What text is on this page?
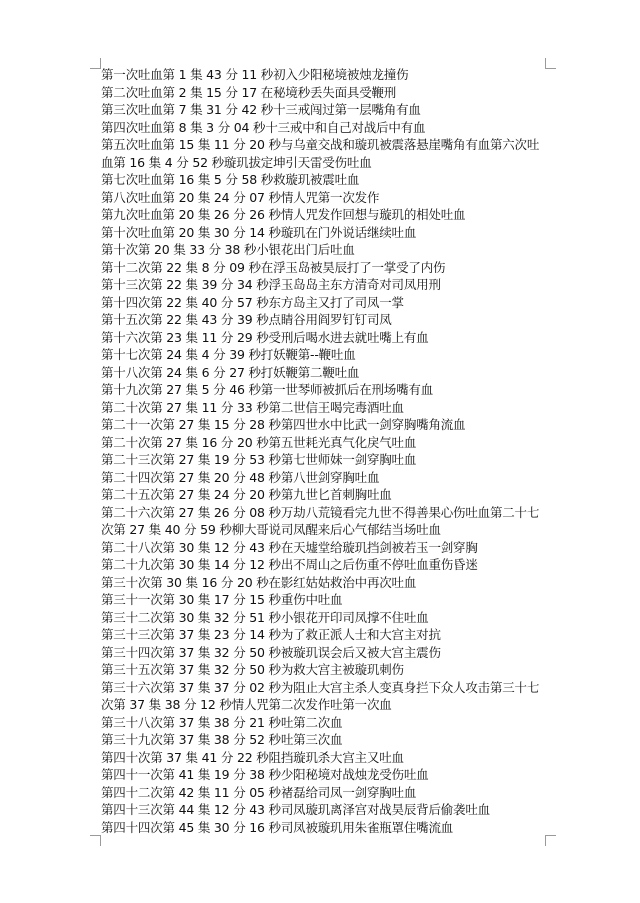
第一次吐血第 1 集 43 分 11 秒初入少阳秘境被烛龙撞伤
第二次吐血第 2 集 15 分 17 在秘境秒丢失面具受鞭刑
第三次吐血第 7 集 31 分 42 秒十三戒闯过第一层嘴角有血
第四次吐血第 8 集 3 分 04 秒十三戒中和自己对战后中有血
第五次吐血第 15 集 11 分 20 秒与乌童交战和璇玑被震落悬崖嘴角有血第六次吐
血第 16 集 4 分 52 秒璇玑拔定坤引天雷受伤吐血
第七次吐血第 16 集 5 分 58 秒救璇玑被震吐血
第八次吐血第 20 集 24 分 07 秒情人咒第一次发作
第九次吐血第 20 集 26 分 26 秒情人咒发作回想与璇玑的相处吐血
第十次吐血第 20 集 30 分 14 秒璇玑在门外说话继续吐血
第十次第 20 集 33 分 38 秒小银花出门后吐血
第十二次第 22 集 8 分 09 秒在浮玉岛被昊辰打了一掌受了内伤
第十三次第 22 集 39 分 34 秒浮玉岛岛主东方清奇对司凤用刑
第十四次第 22 集 40 分 57 秒东方岛主又打了司凤一掌
第十五次第 22 集 43 分 39 秒点睛谷用阎罗钉钉司凤
第十六次第 23 集 11 分 29 秒受刑后喝水进去就吐嘴上有血
第十七次第 24 集 4 分 39 秒打妖鞭第--鞭吐血
第十八次第 24 集 6 分 27 秒打妖鞭第二鞭吐血
第十九次第 27 集 5 分 46 秒第一世琴师被抓后在刑场嘴有血
第二十次第 27 集 11 分 33 秒第二世信王喝完毒酒吐血
第二十一次第 27 集 15 分 28 秒第四世水中比武一剑穿胸嘴角流血
第二十次第 27 集 16 分 20 秒第五世耗光真气化戾气吐血
第二十三次第 27 集 19 分 53 秒第七世师妹一剑穿胸吐血
第二十四次第 27 集 20 分 48 秒第八世剑穿胸吐血
第二十五次第 27 集 24 分 20 秒第九世匕首刺胸吐血
第二十六次第 27 集 26 分 08 秒万劫八荒镜看完九世不得善果心伤吐血第二十七
次第 27 集 40 分 59 秒柳大哥说司凤醒来后心气郁结当场吐血
第二十八次第 30 集 12 分 43 秒在天墟堂给璇玑挡剑被若玉一剑穿胸
第二十九次第 30 集 14 分 12 秒出不周山之后伤重不停吐血重伤昏迷
第三十次第 30 集 16 分 20 秒在影红姑姑救治中再次吐血
第三十一次第 30 集 17 分 15 秒重伤中吐血
第三十二次第 30 集 32 分 51 秒小银花开印司凤撑不住吐血
第三十三次第 37 集 23 分 14 秒为了救正派人士和大宫主对抗
第三十四次第 37 集 32 分 50 秒被璇玑误会后又被大宫主震伤
第三十五次第 37 集 32 分 50 秒为救大宫主被璇玑刺伤
第三十六次第 37 集 37 分 02 秒为阻止大宫主杀人变真身拦下众人攻击第三十七
次第 37 集 38 分 12 秒情人咒第二次发作吐第一次血
第三十八次第 37 集 38 分 21 秒吐第二次血
第三十九次第 37 集 38 分 52 秒吐第三次血
第四十次第 37 集 41 分 22 秒阻挡璇玑杀大宫主又吐血
第四十一次第 41 集 19 分 38 秒少阳秘境对战烛龙受伤吐血
第四十二次第 42 集 11 分 05 秒禇磊给司凤一剑穿胸吐血
第四十三次第 44 集 12 分 43 秒司凤璇玑离泽宫对战昊辰背后偷袭吐血
第四十四次第 45 集 30 分 16 秒司凤被璇玑用朱雀瓶罩住嘴流血
